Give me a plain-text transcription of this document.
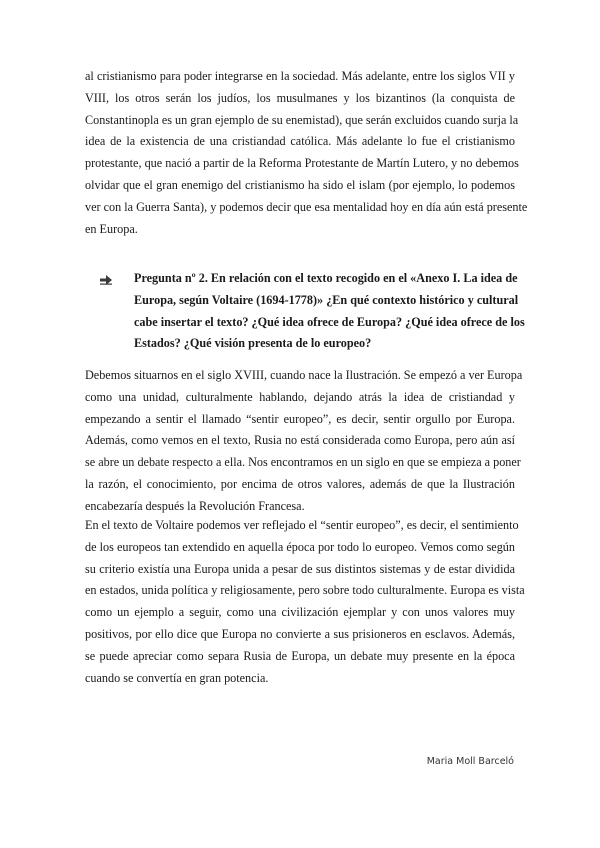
al cristianismo para poder integrarse en la sociedad. Más adelante, entre los siglos VII y
VIII, los otros serán los judíos, los musulmanes y los bizantinos (la conquista de
Constantinopla es un gran ejemplo de su enemistad), que serán excluidos cuando surja la
idea de la existencia de una cristiandad católica. Más adelante lo fue el cristianismo
protestante, que nació a partir de la Reforma Protestante de Martín Lutero, y no debemos
olvidar que el gran enemigo del cristianismo ha sido el islam (por ejemplo, lo podemos
ver con la Guerra Santa), y podemos decir que esa mentalidad hoy en día aún está presente
en Europa.

Pregunta nº 2. En relación con el texto recogido en el «Anexo I. La idea de
Europa, según Voltaire (1694-1778)» ¿En qué contexto histórico y cultural
cabe insertar el texto? ¿Qué idea ofrece de Europa? ¿Qué idea ofrece de los
Estados? ¿Qué visión presenta de lo europeo?

Debemos situarnos en el siglo XVIII, cuando nace la Ilustración. Se empezó a ver Europa
como una unidad, culturalmente hablando, dejando atrás la idea de cristiandad y
empezando a sentir el llamado “sentir europeo”, es decir, sentir orgullo por Europa.
Además, como vemos en el texto, Rusia no está considerada como Europa, pero aún así
se abre un debate respecto a ella. Nos encontramos en un siglo en que se empieza a poner
la razón, el conocimiento, por encima de otros valores, además de que la Ilustración
encabezaría después la Revolución Francesa.
En el texto de Voltaire podemos ver reflejado el “sentir europeo”, es decir, el sentimiento
de los europeos tan extendido en aquella época por todo lo europeo. Vemos como según
su criterio existía una Europa unida a pesar de sus distintos sistemas y de estar dividida
en estados, unida política y religiosamente, pero sobre todo culturalmente. Europa es vista
como un ejemplo a seguir, como una civilización ejemplar y con unos valores muy
positivos, por ello dice que Europa no convierte a sus prisioneros en esclavos. Además,
se puede apreciar como separa Rusia de Europa, un debate muy presente en la época
cuando se convertía en gran potencia.
Maria Moll Barceló
